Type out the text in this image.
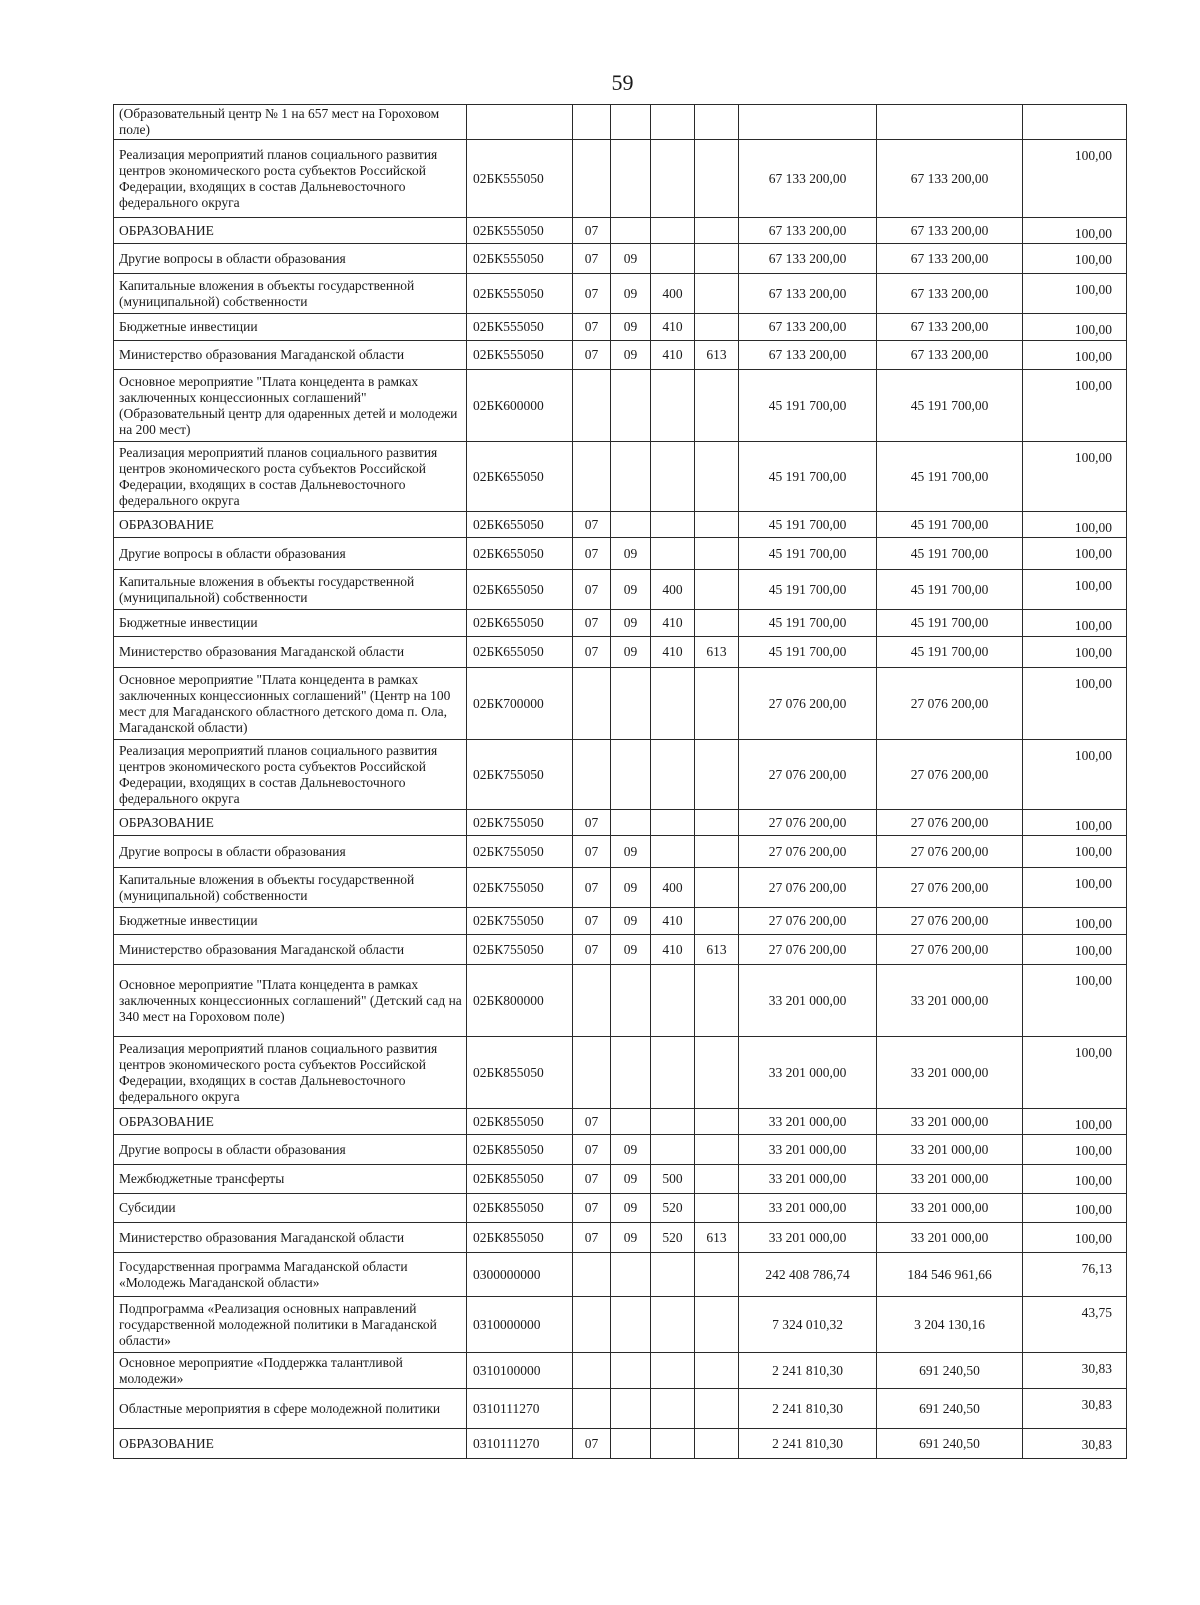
59
(Образовательный центр № 1 на 657 мест на Гороховом поле)								
Реализация мероприятий планов социального развития центров экономического роста субъектов Российской Федерации, входящих в состав Дальневосточного федерального округа	02БК555050					67 133 200,00	67 133 200,00	100,00
ОБРАЗОВАНИЕ	02БК555050	07				67 133 200,00	67 133 200,00	100,00
Другие вопросы в области образования	02БК555050	07	09			67 133 200,00	67 133 200,00	100,00
Капитальные вложения в объекты государственной (муниципальной) собственности	02БК555050	07	09	400		67 133 200,00	67 133 200,00	100,00
Бюджетные инвестиции	02БК555050	07	09	410		67 133 200,00	67 133 200,00	100,00
Министерство образования Магаданской области	02БК555050	07	09	410	613	67 133 200,00	67 133 200,00	100,00
Основное мероприятие "Плата концедента в рамках заключенных концессионных соглашений" (Образовательный центр для одаренных детей и молодежи на 200 мест)	02БК600000					45 191 700,00	45 191 700,00	100,00
Реализация мероприятий планов социального развития центров экономического роста субъектов Российской Федерации, входящих в состав Дальневосточного федерального округа	02БК655050					45 191 700,00	45 191 700,00	100,00
ОБРАЗОВАНИЕ	02БК655050	07				45 191 700,00	45 191 700,00	100,00
Другие вопросы в области образования	02БК655050	07	09			45 191 700,00	45 191 700,00	100,00
Капитальные вложения в объекты государственной (муниципальной) собственности	02БК655050	07	09	400		45 191 700,00	45 191 700,00	100,00
Бюджетные инвестиции	02БК655050	07	09	410		45 191 700,00	45 191 700,00	100,00
Министерство образования Магаданской области	02БК655050	07	09	410	613	45 191 700,00	45 191 700,00	100,00
Основное мероприятие "Плата концедента в рамках заключенных концессионных соглашений" (Центр на 100 мест для Магаданского областного детского дома п. Ола, Магаданской области)	02БК700000					27 076 200,00	27 076 200,00	100,00
Реализация мероприятий планов социального развития центров экономического роста субъектов Российской Федерации, входящих в состав Дальневосточного федерального округа	02БК755050					27 076 200,00	27 076 200,00	100,00
ОБРАЗОВАНИЕ	02БК755050	07				27 076 200,00	27 076 200,00	100,00
Другие вопросы в области образования	02БК755050	07	09			27 076 200,00	27 076 200,00	100,00
Капитальные вложения в объекты государственной (муниципальной) собственности	02БК755050	07	09	400		27 076 200,00	27 076 200,00	100,00
Бюджетные инвестиции	02БК755050	07	09	410		27 076 200,00	27 076 200,00	100,00
Министерство образования Магаданской области	02БК755050	07	09	410	613	27 076 200,00	27 076 200,00	100,00
Основное мероприятие "Плата концедента в рамках заключенных концессионных соглашений" (Детский сад на 340 мест на Гороховом поле)	02БК800000					33 201 000,00	33 201 000,00	100,00
Реализация мероприятий планов социального развития центров экономического роста субъектов Российской Федерации, входящих в состав Дальневосточного федерального округа	02БК855050					33 201 000,00	33 201 000,00	100,00
ОБРАЗОВАНИЕ	02БК855050	07				33 201 000,00	33 201 000,00	100,00
Другие вопросы в области образования	02БК855050	07	09			33 201 000,00	33 201 000,00	100,00
Межбюджетные трансферты	02БК855050	07	09	500		33 201 000,00	33 201 000,00	100,00
Субсидии	02БК855050	07	09	520		33 201 000,00	33 201 000,00	100,00
Министерство образования Магаданской области	02БК855050	07	09	520	613	33 201 000,00	33 201 000,00	100,00
Государственная программа Магаданской области «Молодежь Магаданской области»	0300000000					242 408 786,74	184 546 961,66	76,13
Подпрограмма «Реализация основных направлений государственной молодежной политики в Магаданской области»	0310000000					7 324 010,32	3 204 130,16	43,75
Основное мероприятие «Поддержка талантливой молодежи»	0310100000					2 241 810,30	691 240,50	30,83
Областные мероприятия в сфере молодежной политики	0310111270					2 241 810,30	691 240,50	30,83
ОБРАЗОВАНИЕ	0310111270	07				2 241 810,30	691 240,50	30,83
